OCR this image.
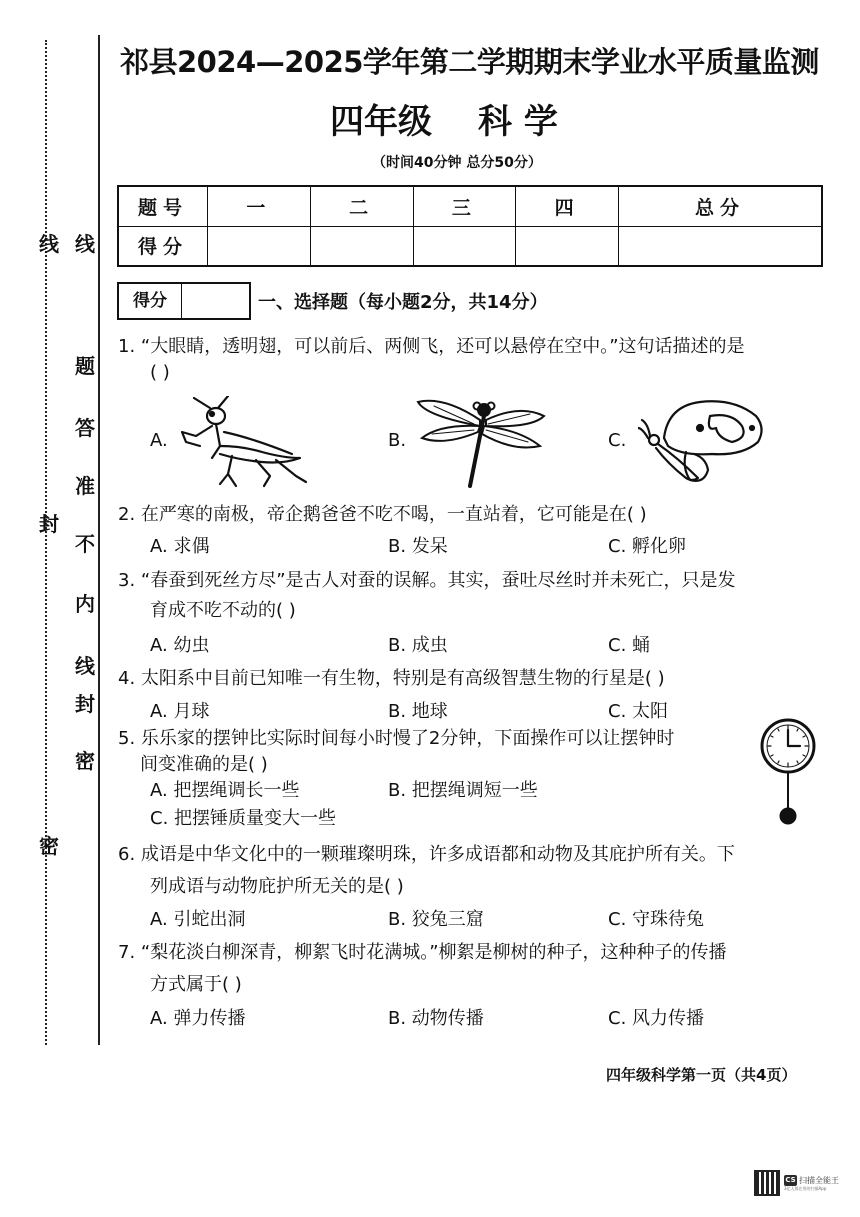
线
题
答
准
不
内
线
封
密
线
封
密
祁县2024—2025学年第二学期期末学业水平质量监测
四年级 科 学
（时间40分钟 总分50分）
题号	一	二	三	四	总分
得分					
得分	一、选择题（每小题2分，共14分）
1. “大眼睛，透明翅，可以前后、两侧飞，还可以悬停在空中。”这句话描述的是
( )
A.	B.	C.
2. 在严寒的南极，帝企鹅爸爸不吃不喝，一直站着，它可能是在( )
A. 求偶	B. 发呆	C. 孵化卵
3. “春蚕到死丝方尽”是古人对蚕的误解。其实，蚕吐尽丝时并未死亡，只是发
育成不吃不动的( )
A. 幼虫	B. 成虫	C. 蛹
4. 太阳系中目前已知唯一有生物，特别是有高级智慧生物的行星是( )
A. 月球	B. 地球	C. 太阳
5. 乐乐家的摆钟比实际时间每小时慢了2分钟，下面操作可以让摆钟时
间变准确的是( )
A. 把摆绳调长一些	B. 把摆绳调短一些
C. 把摆锤质量变大一些
6. 成语是中华文化中的一颗璀璨明珠，许多成语都和动物及其庇护所有关。下
列成语与动物庇护所无关的是( )
A. 引蛇出洞	B. 狡兔三窟	C. 守珠待兔
7. “梨花淡白柳深青，柳絮飞时花满城。”柳絮是柳树的种子，这种种子的传播
方式属于( )
A. 弹力传播	B. 动物传播	C. 风力传播
四年级科学第一页（共4页）
CS 扫描全能王
3亿人都在用的扫描App
